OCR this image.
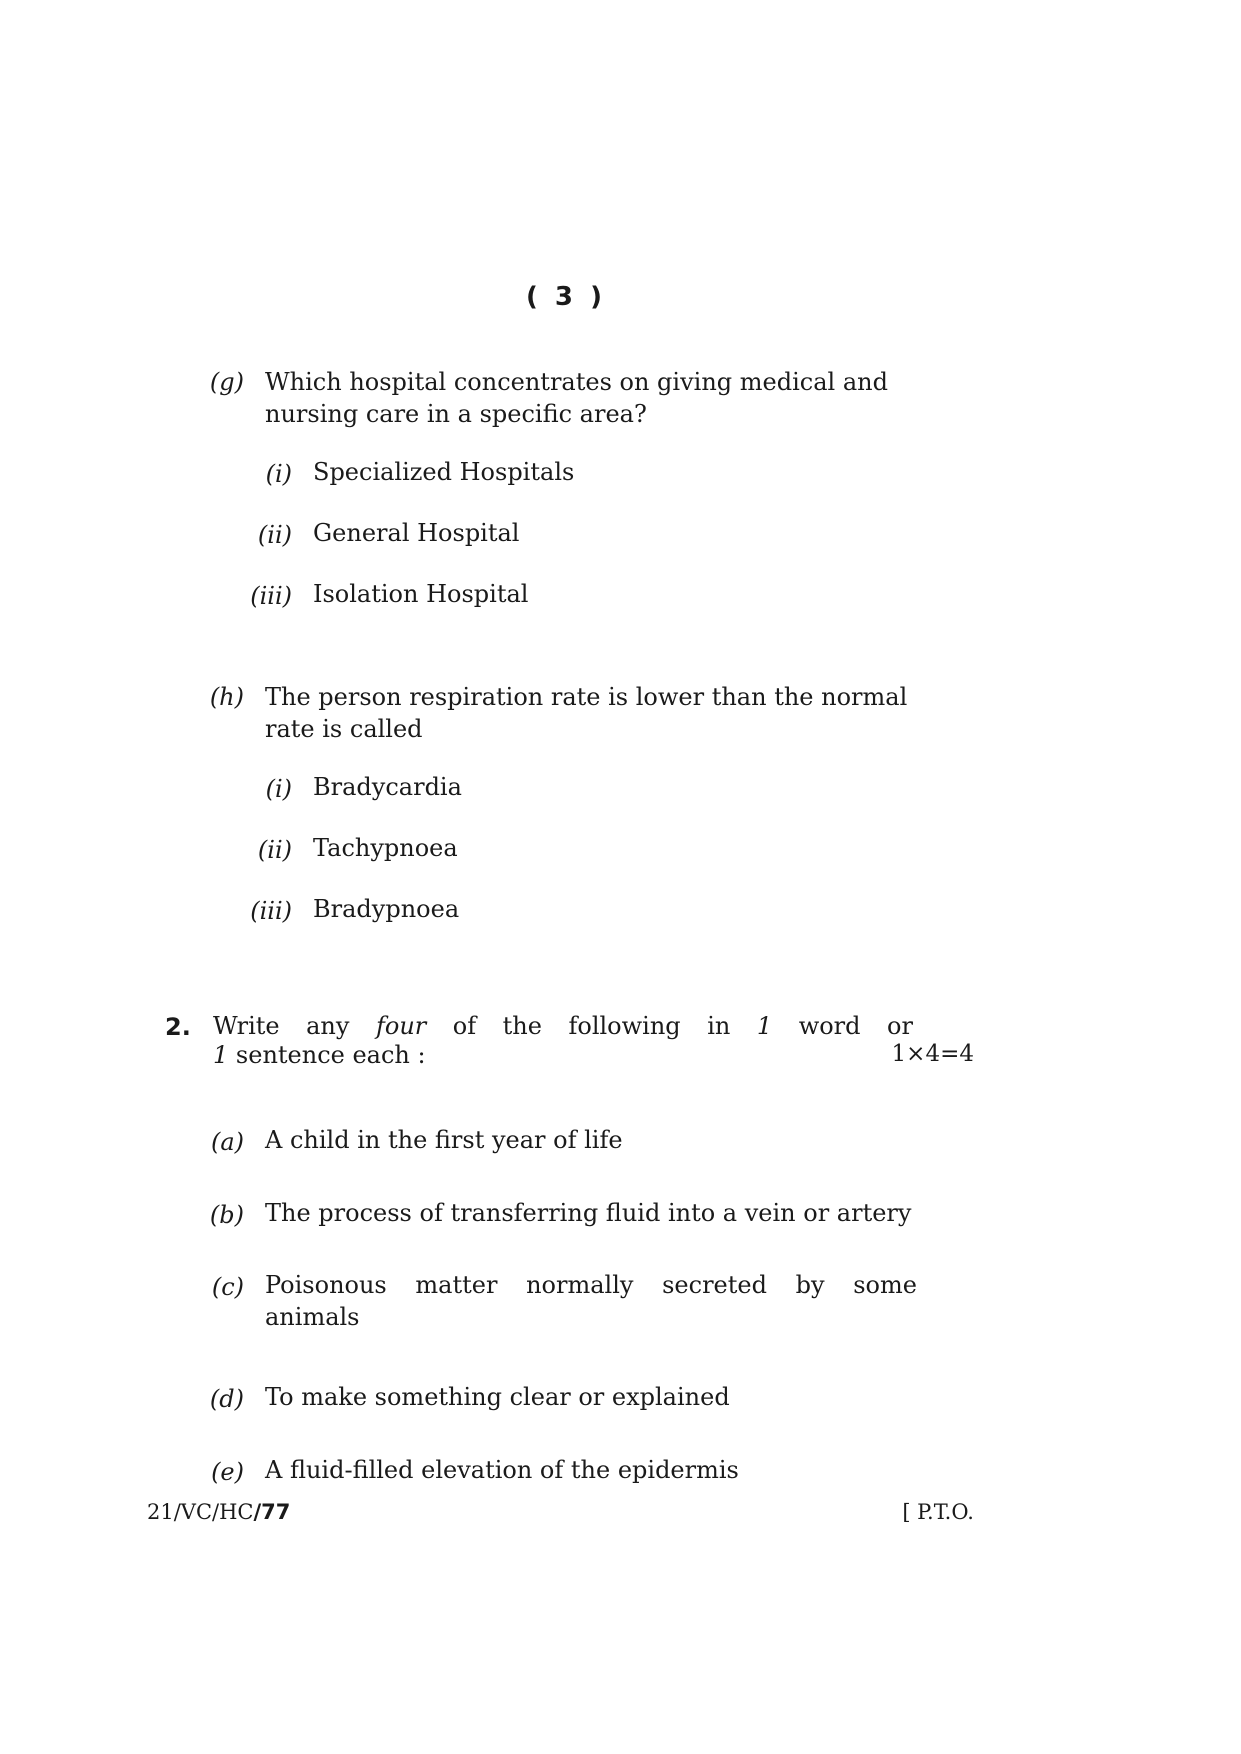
( 3 )
(g) Which hospital concentrates on giving medical and
nursing care in a specific area?
(i) Specialized Hospitals
(ii) General Hospital
(iii) Isolation Hospital
(h) The person respiration rate is lower than the normal
rate is called
(i) Bradycardia
(ii) Tachypnoea
(iii) Bradypnoea
2. Write any four of the following in 1 word or
1 sentence each :	1×4=4
(a) A child in the first year of life
(b) The process of transferring fluid into a vein or artery
(c) Poisonous matter normally secreted by some
animals
(d) To make something clear or explained
(e) A fluid-filled elevation of the epidermis
21/VC/HC/77	[ P.T.O.
